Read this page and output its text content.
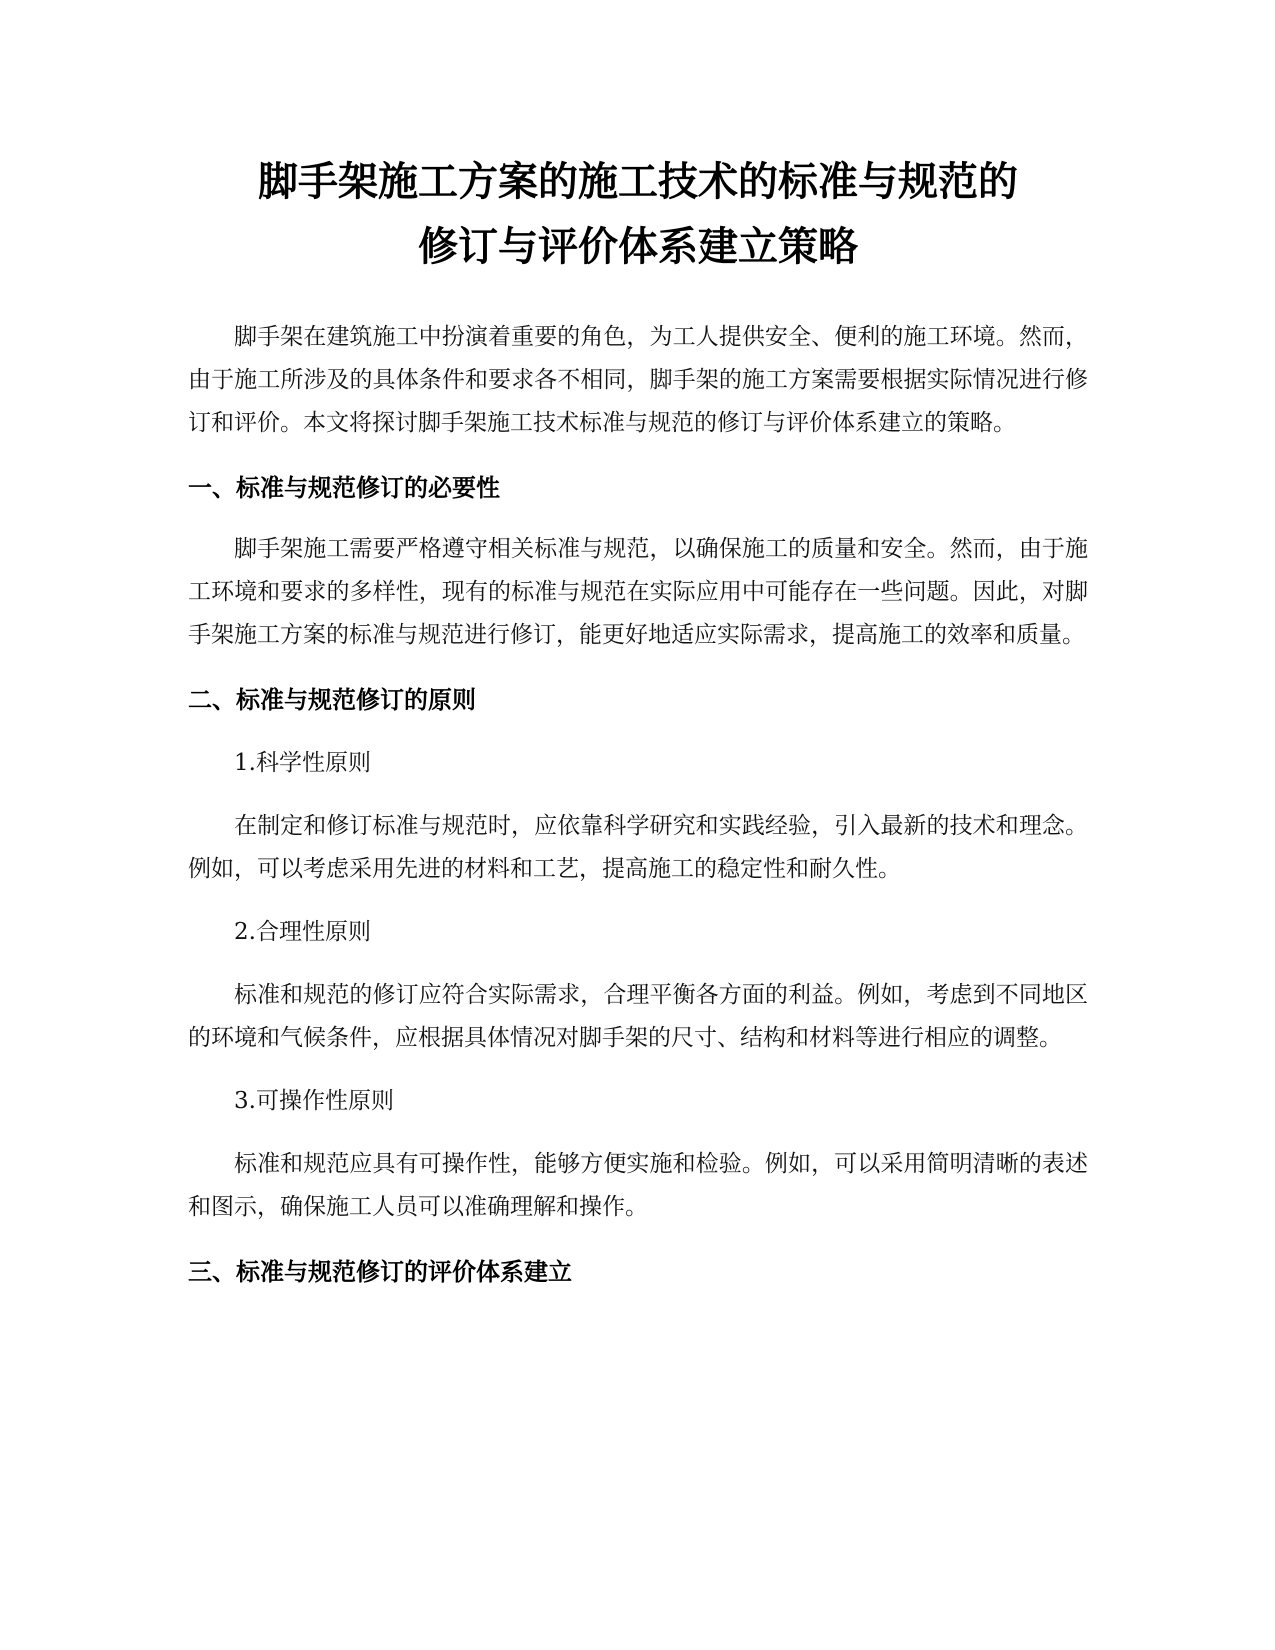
脚手架施工方案的施工技术的标准与规范的
修订与评价体系建立策略

脚手架在建筑施工中扮演着重要的角色，为工人提供安全、便利的施工环境。然而，由于施工所涉及的具体条件和要求各不相同，脚手架的施工方案需要根据实际情况进行修订和评价。本文将探讨脚手架施工技术标准与规范的修订与评价体系建立的策略。

一、标准与规范修订的必要性

脚手架施工需要严格遵守相关标准与规范，以确保施工的质量和安全。然而，由于施工环境和要求的多样性，现有的标准与规范在实际应用中可能存在一些问题。因此，对脚手架施工方案的标准与规范进行修订，能更好地适应实际需求，提高施工的效率和质量。

二、标准与规范修订的原则

1.科学性原则

在制定和修订标准与规范时，应依靠科学研究和实践经验，引入最新的技术和理念。例如，可以考虑采用先进的材料和工艺，提高施工的稳定性和耐久性。

2.合理性原则

标准和规范的修订应符合实际需求，合理平衡各方面的利益。例如，考虑到不同地区的环境和气候条件，应根据具体情况对脚手架的尺寸、结构和材料等进行相应的调整。

3.可操作性原则

标准和规范应具有可操作性，能够方便实施和检验。例如，可以采用简明清晰的表述和图示，确保施工人员可以准确理解和操作。

三、标准与规范修订的评价体系建立
